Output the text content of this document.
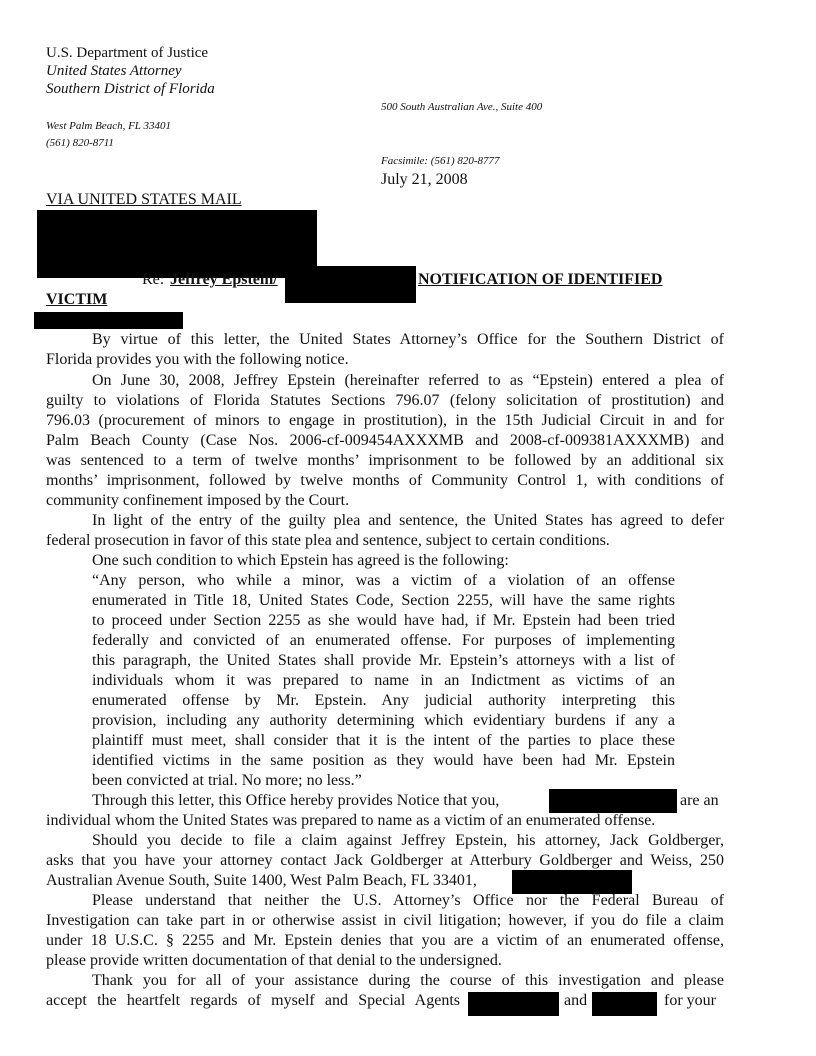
U.S. Department of Justice
United States Attorney
Southern District of Florida
500 South Australian Ave., Suite 400
West Palm Beach, FL 33401
(561) 820-8711
Facsimile: (561) 820-8777
July 21, 2008
VIA UNITED STATES MAIL
Re: Jeffrey Epstein/	NOTIFICATION OF IDENTIFIED
VICTIM
By virtue of this letter, the United States Attorney’s Office for the Southern District of
Florida provides you with the following notice.
On June 30, 2008, Jeffrey Epstein (hereinafter referred to as “Epstein) entered a plea of
guilty to violations of Florida Statutes Sections 796.07 (felony solicitation of prostitution) and
796.03 (procurement of minors to engage in prostitution), in the 15th Judicial Circuit in and for
Palm Beach County (Case Nos. 2006-cf-009454AXXXMB and 2008-cf-009381AXXXMB) and
was sentenced to a term of twelve months’ imprisonment to be followed by an additional six
months’ imprisonment, followed by twelve months of Community Control 1, with conditions of
community confinement imposed by the Court.
In light of the entry of the guilty plea and sentence, the United States has agreed to defer
federal prosecution in favor of this state plea and sentence, subject to certain conditions.
One such condition to which Epstein has agreed is the following:
“Any person, who while a minor, was a victim of a violation of an offense
enumerated in Title 18, United States Code, Section 2255, will have the same rights
to proceed under Section 2255 as she would have had, if Mr. Epstein had been tried
federally and convicted of an enumerated offense. For purposes of implementing
this paragraph, the United States shall provide Mr. Epstein’s attorneys with a list of
individuals whom it was prepared to name in an Indictment as victims of an
enumerated offense by Mr. Epstein. Any judicial authority interpreting this
provision, including any authority determining which evidentiary burdens if any a
plaintiff must meet, shall consider that it is the intent of the parties to place these
identified victims in the same position as they would have been had Mr. Epstein
been convicted at trial. No more; no less.”
Through this letter, this Office hereby provides Notice that you,	are an
individual whom the United States was prepared to name as a victim of an enumerated offense.
Should you decide to file a claim against Jeffrey Epstein, his attorney, Jack Goldberger,
asks that you have your attorney contact Jack Goldberger at Atterbury Goldberger and Weiss, 250
Australian Avenue South, Suite 1400, West Palm Beach, FL 33401,
Please understand that neither the U.S. Attorney’s Office nor the Federal Bureau of
Investigation can take part in or otherwise assist in civil litigation; however, if you do file a claim
under 18 U.S.C. § 2255 and Mr. Epstein denies that you are a victim of an enumerated offense,
please provide written documentation of that denial to the undersigned.
Thank you for all of your assistance during the course of this investigation and please
accept the heartfelt regards of myself and Special Agents	and	for your
